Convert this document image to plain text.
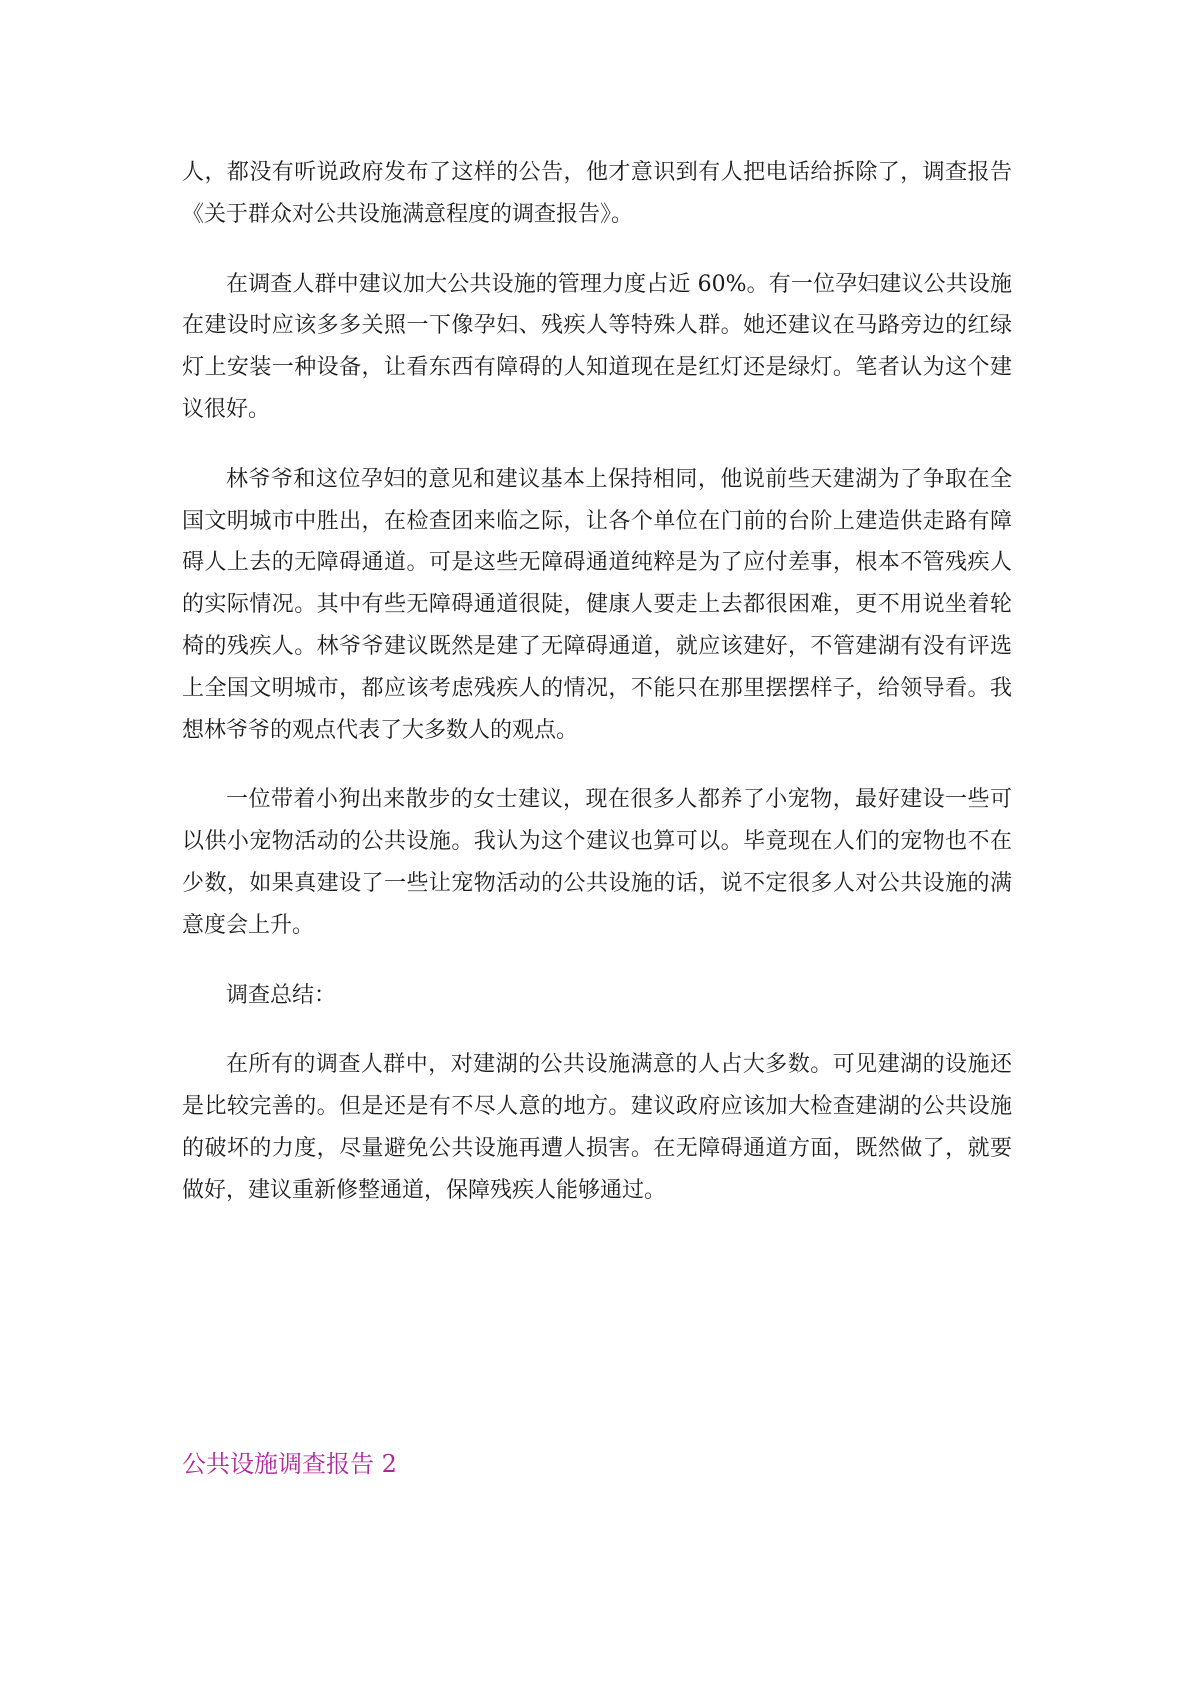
人，都没有听说政府发布了这样的公告，他才意识到有人把电话给拆除了，调查报告《关于群众对公共设施满意程度的调查报告》。

在调查人群中建议加大公共设施的管理力度占近 60%。有一位孕妇建议公共设施在建设时应该多多关照一下像孕妇、残疾人等特殊人群。她还建议在马路旁边的红绿灯上安装一种设备，让看东西有障碍的人知道现在是红灯还是绿灯。笔者认为这个建议很好。

林爷爷和这位孕妇的意见和建议基本上保持相同，他说前些天建湖为了争取在全国文明城市中胜出，在检查团来临之际，让各个单位在门前的台阶上建造供走路有障碍人上去的无障碍通道。可是这些无障碍通道纯粹是为了应付差事，根本不管残疾人的实际情况。其中有些无障碍通道很陡，健康人要走上去都很困难，更不用说坐着轮椅的残疾人。林爷爷建议既然是建了无障碍通道，就应该建好，不管建湖有没有评选上全国文明城市，都应该考虑残疾人的情况，不能只在那里摆摆样子，给领导看。我想林爷爷的观点代表了大多数人的观点。

一位带着小狗出来散步的女士建议，现在很多人都养了小宠物，最好建设一些可以供小宠物活动的公共设施。我认为这个建议也算可以。毕竟现在人们的宠物也不在少数，如果真建设了一些让宠物活动的公共设施的话，说不定很多人对公共设施的满意度会上升。

调查总结：

在所有的调查人群中，对建湖的公共设施满意的人占大多数。可见建湖的设施还是比较完善的。但是还是有不尽人意的地方。建议政府应该加大检查建湖的公共设施的破坏的力度，尽量避免公共设施再遭人损害。在无障碍通道方面，既然做了，就要做好，建议重新修整通道，保障残疾人能够通过。

公共设施调查报告 2
